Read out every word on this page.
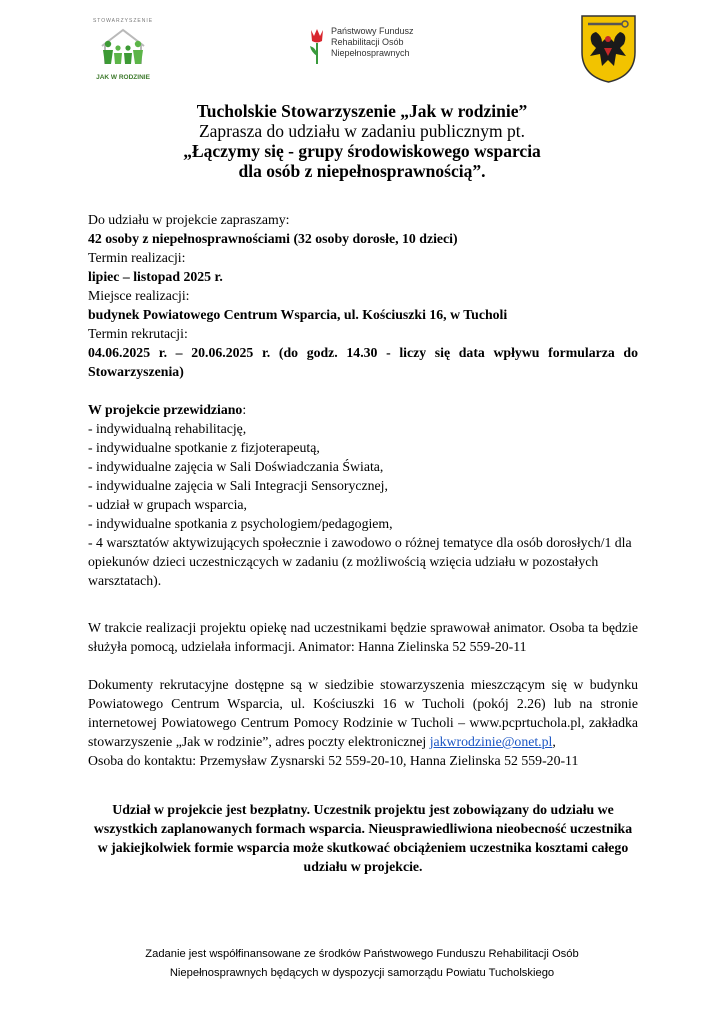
STOWARZYSZENIE
JAK W RODZINIE
Państwowy Fundusz
Rehabilitacji Osób
Niepełnosprawnych
Tucholskie Stowarzyszenie „Jak w rodzinie”
Zaprasza do udziału w zadaniu publicznym pt.
„Łączymy się - grupy środowiskowego wsparcia
dla osób z niepełnosprawnością”.

Do udziału w projekcie zapraszamy:

42 osoby z niepełnosprawnościami (32 osoby dorosłe, 10 dzieci)

Termin realizacji:

lipiec – listopad 2025 r.

Miejsce realizacji:

budynek Powiatowego Centrum Wsparcia, ul. Kościuszki 16, w Tucholi

Termin rekrutacji:

04.06.2025 r. – 20.06.2025 r. (do godz. 14.30 - liczy się data wpływu formularza do Stowarzyszenia)

W projekcie przewidziano:

- indywidualną rehabilitację,

- indywidualne spotkanie z fizjoterapeutą,

- indywidualne zajęcia w Sali Doświadczania Świata,

- indywidualne zajęcia w Sali Integracji Sensorycznej,

- udział w grupach wsparcia,

- indywidualne spotkania z psychologiem/pedagogiem,

- 4 warsztatów aktywizujących społecznie i zawodowo o różnej tematyce dla osób dorosłych/1 dla opiekunów dzieci uczestniczących w zadaniu (z możliwością wzięcia udziału w pozostałych warsztatach).

W trakcie realizacji projektu opiekę nad uczestnikami będzie sprawował animator. Osoba ta będzie służyła pomocą, udzielała informacji. Animator: Hanna Zielinska 52 559-20-11

Dokumenty rekrutacyjne dostępne są w siedzibie stowarzyszenia mieszczącym się w budynku Powiatowego Centrum Wsparcia, ul. Kościuszki 16 w Tucholi (pokój 2.26) lub na stronie internetowej Powiatowego Centrum Pomocy Rodzinie w Tucholi – www.pcprtuchola.pl, zakładka stowarzyszenie „Jak w rodzinie”, adres poczty elektronicznej jakwrodzinie@onet.pl,

Osoba do kontaktu: Przemysław Zysnarski 52 559-20-10, Hanna Zielinska 52 559-20-11

Udział w projekcie jest bezpłatny. Uczestnik projektu jest zobowiązany do udziału we wszystkich zaplanowanych formach wsparcia. Nieusprawiedliwiona nieobecność uczestnika w jakiejkolwiek formie wsparcia może skutkować obciążeniem uczestnika kosztami całego udziału w projekcie.
Zadanie jest współfinansowane ze środków Państwowego Funduszu Rehabilitacji Osób
Niepełnosprawnych będących w dyspozycji samorządu Powiatu Tucholskiego
